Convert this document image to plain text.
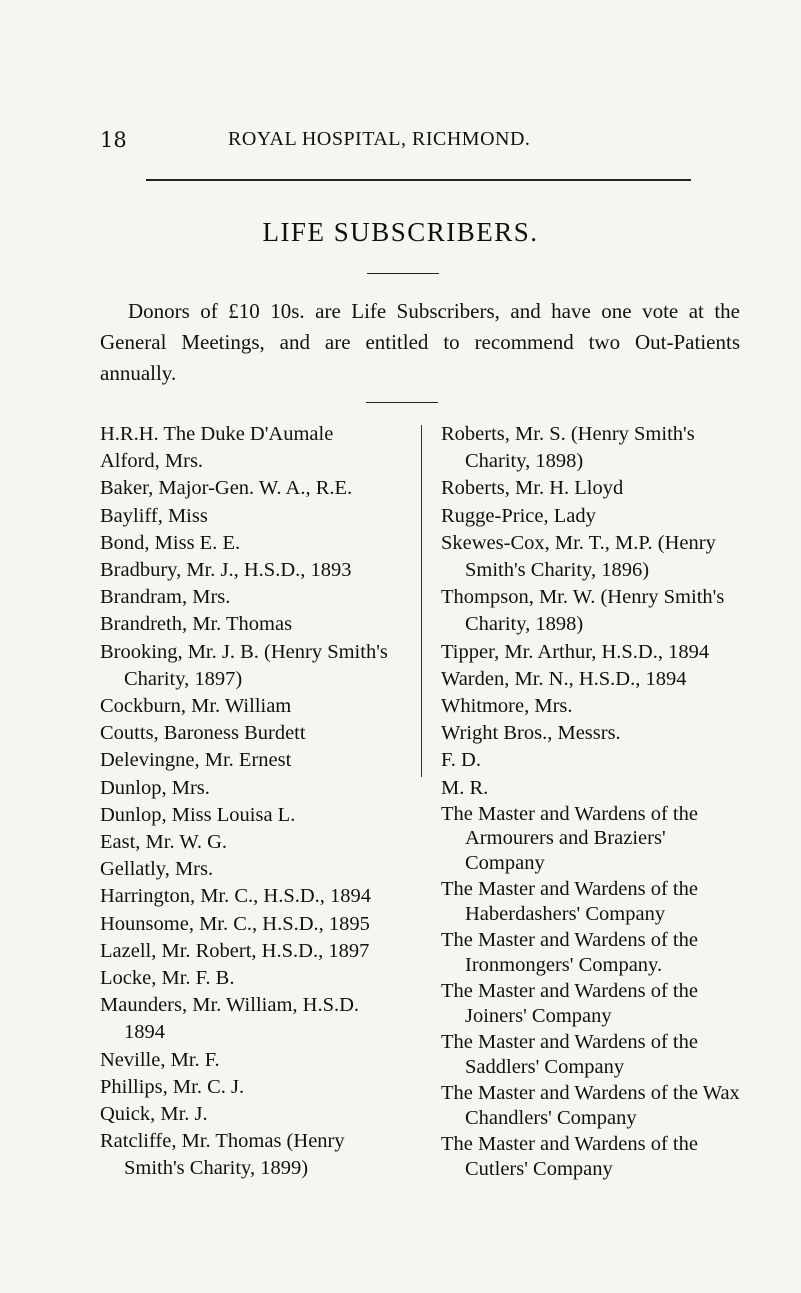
18	ROYAL HOSPITAL, RICHMOND.
LIFE SUBSCRIBERS.

Donors of £10 10s. are Life Subscribers, and have one vote at the General Meetings, and are entitled to recommend two Out-Patients annually.

H.R.H. The Duke D'Aumale

Alford, Mrs.

Baker, Major-Gen. W. A., R.E.

Bayliff, Miss

Bond, Miss E. E.

Bradbury, Mr. J., H.S.D., 1893

Brandram, Mrs.

Brandreth, Mr. Thomas

Brooking, Mr. J. B. (Henry Smith's Charity, 1897)

Cockburn, Mr. William

Coutts, Baroness Burdett

Delevingne, Mr. Ernest

Dunlop, Mrs.

Dunlop, Miss Louisa L.

East, Mr. W. G.

Gellatly, Mrs.

Harrington, Mr. C., H.S.D., 1894

Hounsome, Mr. C., H.S.D., 1895

Lazell, Mr. Robert, H.S.D., 1897

Locke, Mr. F. B.

Maunders, Mr. William, H.S.D. 1894

Neville, Mr. F.

Phillips, Mr. C. J.

Quick, Mr. J.

Ratcliffe, Mr. Thomas (Henry Smith's Charity, 1899)

Roberts, Mr. S. (Henry Smith's Charity, 1898)

Roberts, Mr. H. Lloyd

Rugge-Price, Lady

Skewes-Cox, Mr. T., M.P. (Henry Smith's Charity, 1896)

Thompson, Mr. W. (Henry Smith's Charity, 1898)

Tipper, Mr. Arthur, H.S.D., 1894

Warden, Mr. N., H.S.D., 1894

Whitmore, Mrs.

Wright Bros., Messrs.

F. D.

M. R.

The Master and Wardens of the Armourers and Braziers' Company

The Master and Wardens of the Haberdashers' Company

The Master and Wardens of the Ironmongers' Company.

The Master and Wardens of the Joiners' Company

The Master and Wardens of the Saddlers' Company

The Master and Wardens of the Wax Chandlers' Company

The Master and Wardens of the Cutlers' Company
